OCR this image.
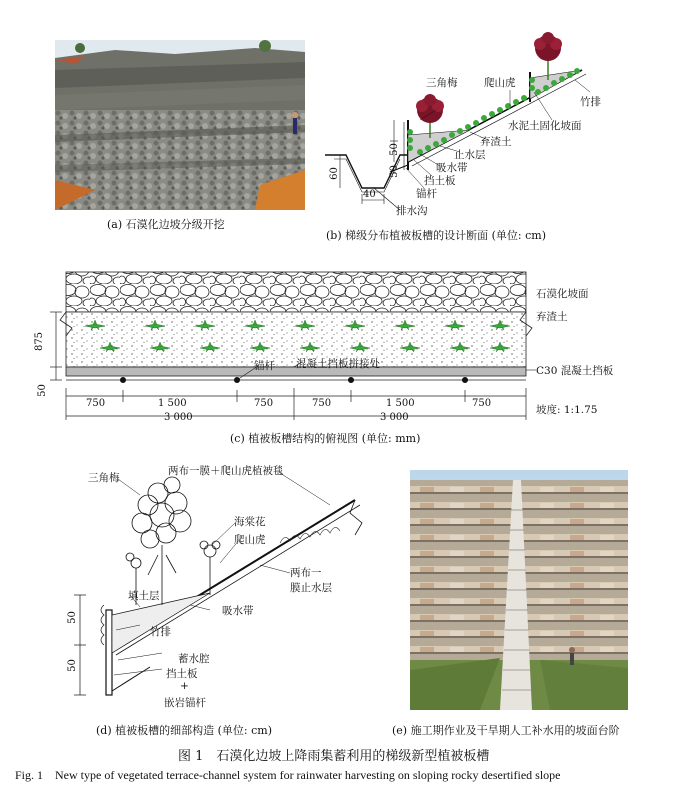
(a) 石漠化边坡分级开挖
三角梅	爬山虎
竹排
水泥土固化坡面
弃渣土
止水层
吸水带
挡土板
锚杆
排水沟
60
40
50
50
(b) 梯级分布植被板槽的设计断面 (单位: cm)
石漠化坡面
弃渣土
C30 混凝土挡板
锚杆 混凝土挡板拼接处
坡度: 1:1.75
875
50
750	1 500	750	750	1 500	750
3 000	3 000
(c) 植被板槽结构的俯视图 (单位: mm)
三角梅
两布一膜＋爬山虎植被毯
海棠花
爬山虎
两布一
膜止水层
填土层
吸水带
竹排
蓄水腔
挡土板
+
嵌岩锚杆
50
50
(d) 植被板槽的细部构造 (单位: cm)	(e) 施工期作业及干旱期人工补水用的坡面台阶
图 1　石漠化边坡上降雨集蓄利用的梯级新型植被板槽
Fig. 1　New type of vegetated terrace-channel system for rainwater harvesting on sloping rocky desertified slope
